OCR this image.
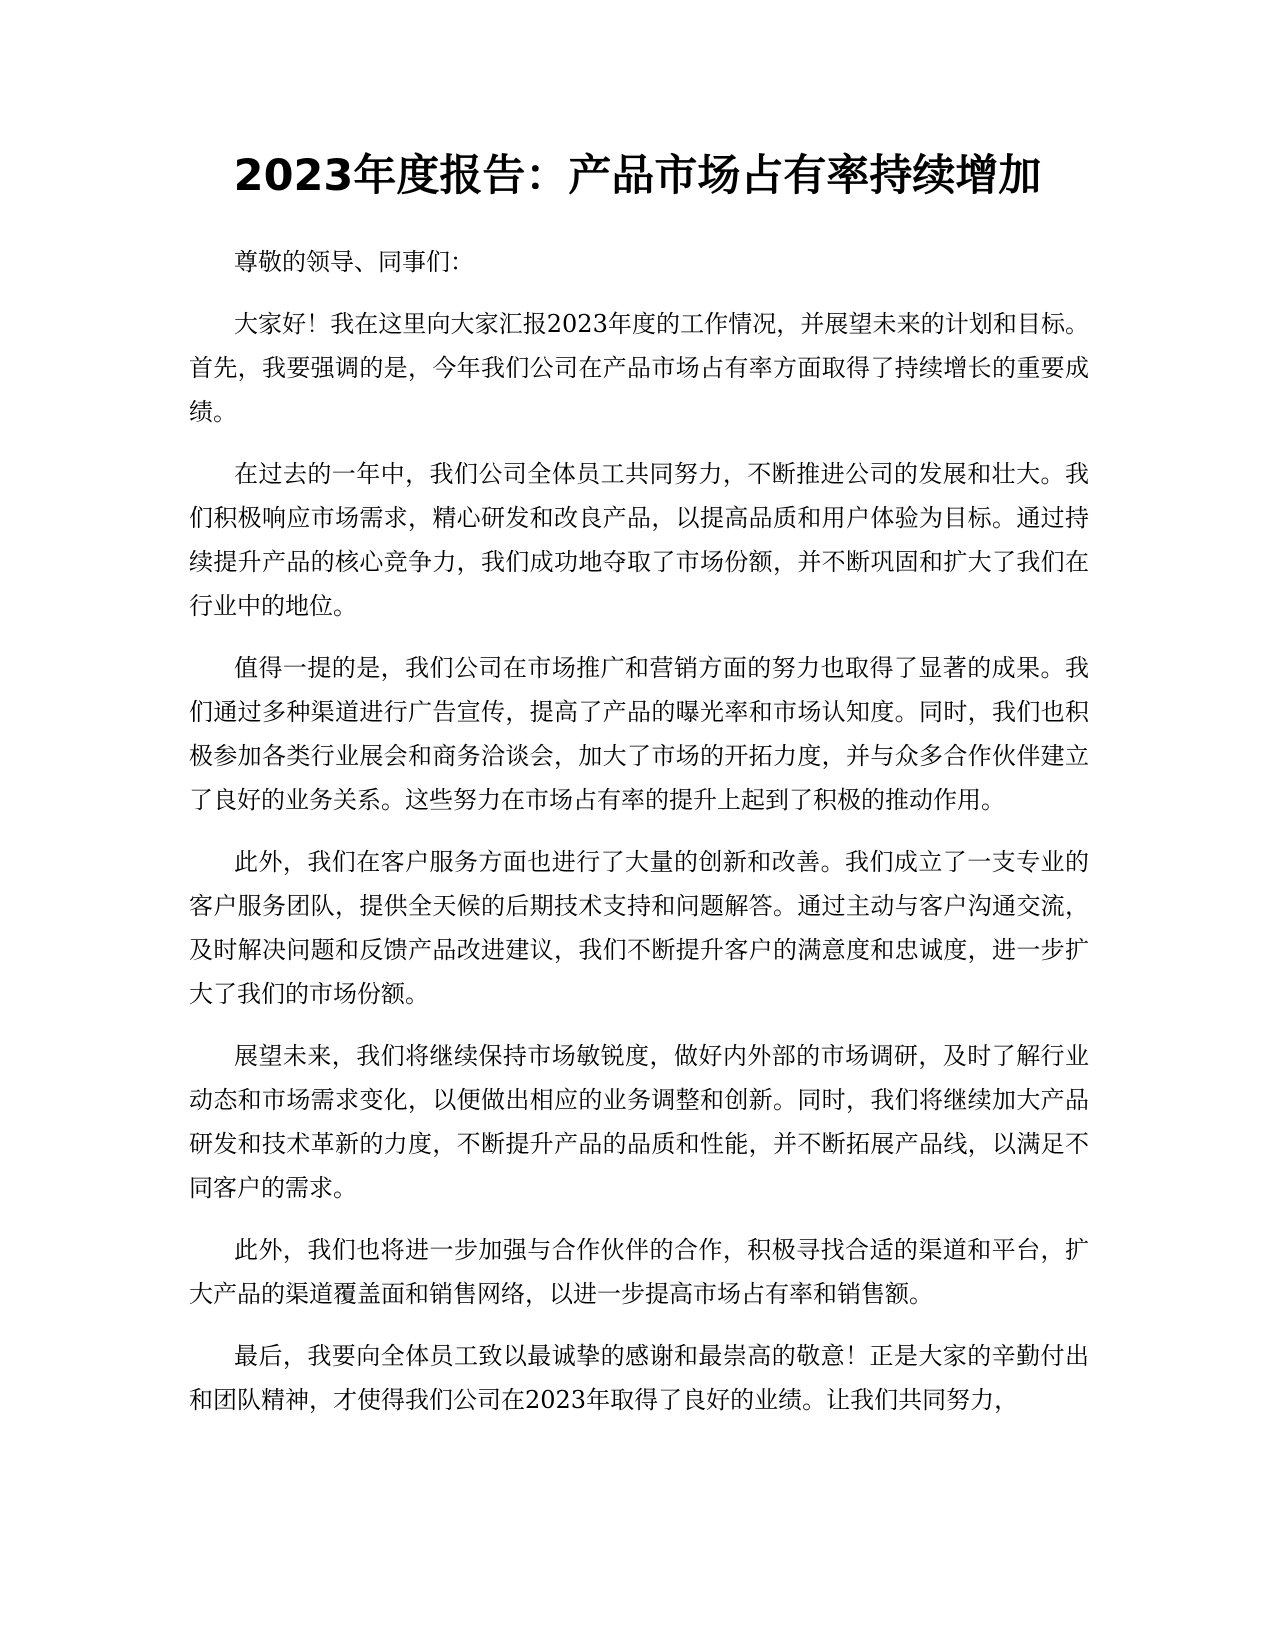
2023年度报告：产品市场占有率持续增加

尊敬的领导、同事们：

大家好！我在这里向大家汇报2023年度的工作情况，并展望未来的计划和目标。首先，我要强调的是，今年我们公司在产品市场占有率方面取得了持续增长的重要成绩。

在过去的一年中，我们公司全体员工共同努力，不断推进公司的发展和壮大。我们积极响应市场需求，精心研发和改良产品，以提高品质和用户体验为目标。通过持续提升产品的核心竞争力，我们成功地夺取了市场份额，并不断巩固和扩大了我们在行业中的地位。

值得一提的是，我们公司在市场推广和营销方面的努力也取得了显著的成果。我们通过多种渠道进行广告宣传，提高了产品的曝光率和市场认知度。同时，我们也积极参加各类行业展会和商务洽谈会，加大了市场的开拓力度，并与众多合作伙伴建立了良好的业务关系。这些努力在市场占有率的提升上起到了积极的推动作用。

此外，我们在客户服务方面也进行了大量的创新和改善。我们成立了一支专业的客户服务团队，提供全天候的后期技术支持和问题解答。通过主动与客户沟通交流，及时解决问题和反馈产品改进建议，我们不断提升客户的满意度和忠诚度，进一步扩大了我们的市场份额。

展望未来，我们将继续保持市场敏锐度，做好内外部的市场调研，及时了解行业动态和市场需求变化，以便做出相应的业务调整和创新。同时，我们将继续加大产品研发和技术革新的力度，不断提升产品的品质和性能，并不断拓展产品线，以满足不同客户的需求。

此外，我们也将进一步加强与合作伙伴的合作，积极寻找合适的渠道和平台，扩大产品的渠道覆盖面和销售网络，以进一步提高市场占有率和销售额。

最后，我要向全体员工致以最诚挚的感谢和最崇高的敬意！正是大家的辛勤付出和团队精神，才使得我们公司在2023年取得了良好的业绩。让我们共同努力，
